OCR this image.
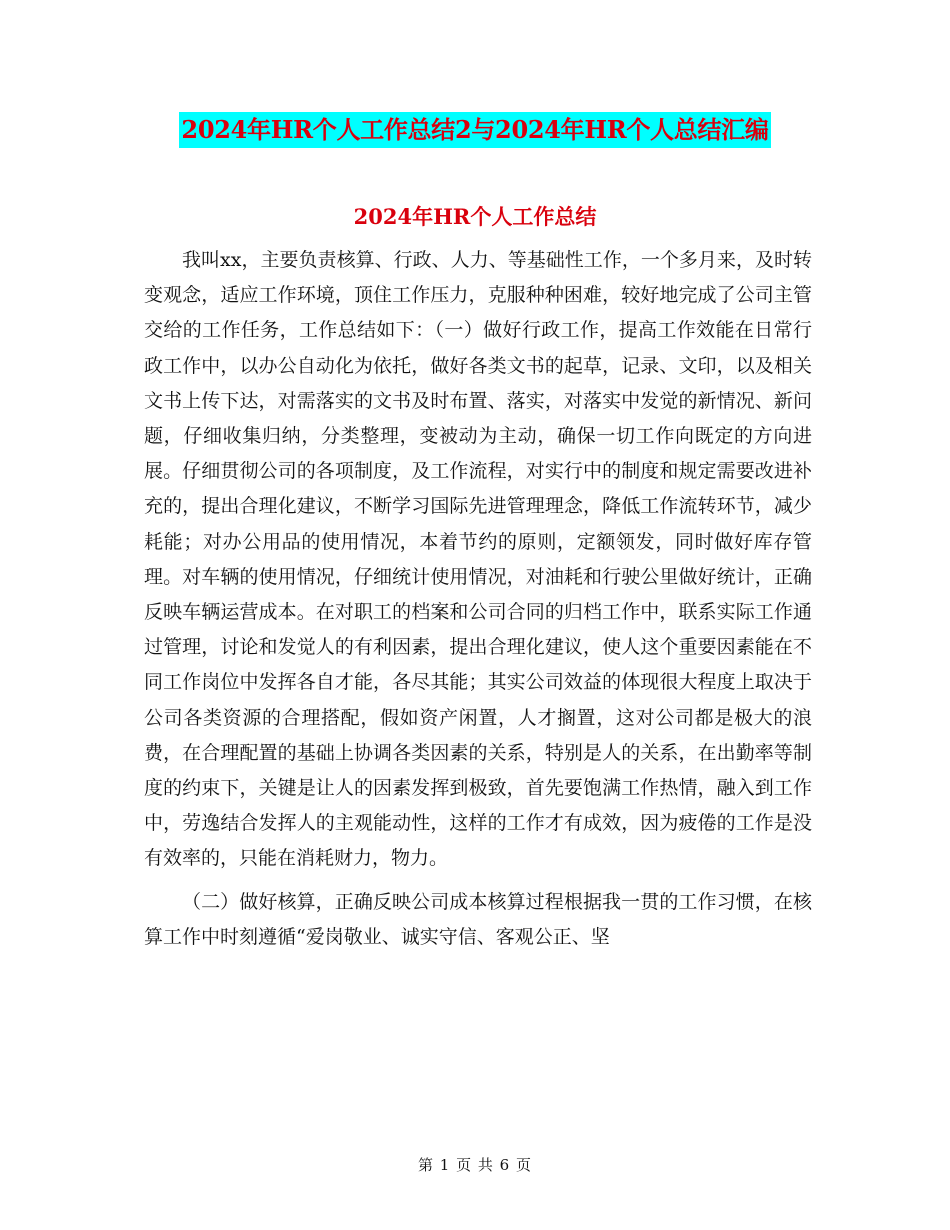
2024年HR个人工作总结2与2024年HR个人总结汇编
2024年HR个人工作总结

我叫xx，主要负责核算、行政、人力、等基础性工作，一个多月来，及时转变观念，适应工作环境，顶住工作压力，克服种种困难，较好地完成了公司主管交给的工作任务，工作总结如下：（一）做好行政工作，提高工作效能在日常行政工作中，以办公自动化为依托，做好各类文书的起草，记录、文印，以及相关文书上传下达，对需落实的文书及时布置、落实，对落实中发觉的新情况、新问题，仔细收集归纳，分类整理，变被动为主动，确保一切工作向既定的方向进展。仔细贯彻公司的各项制度，及工作流程，对实行中的制度和规定需要改进补充的，提出合理化建议，不断学习国际先进管理理念，降低工作流转环节，减少耗能；对办公用品的使用情况，本着节约的原则，定额领发，同时做好库存管理。对车辆的使用情况，仔细统计使用情况，对油耗和行驶公里做好统计，正确反映车辆运营成本。在对职工的档案和公司合同的归档工作中，联系实际工作通过管理，讨论和发觉人的有利因素，提出合理化建议，使人这个重要因素能在不同工作岗位中发挥各自才能，各尽其能；其实公司效益的体现很大程度上取决于公司各类资源的合理搭配，假如资产闲置，人才搁置，这对公司都是极大的浪费，在合理配置的基础上协调各类因素的关系，特别是人的关系，在出勤率等制度的约束下，关键是让人的因素发挥到极致，首先要饱满工作热情，融入到工作中，劳逸结合发挥人的主观能动性，这样的工作才有成效，因为疲倦的工作是没有效率的，只能在消耗财力，物力。

（二）做好核算，正确反映公司成本核算过程根据我一贯的工作习惯，在核算工作中时刻遵循“爱岗敬业、诚实守信、客观公正、坚

第 1 页 共 6 页
